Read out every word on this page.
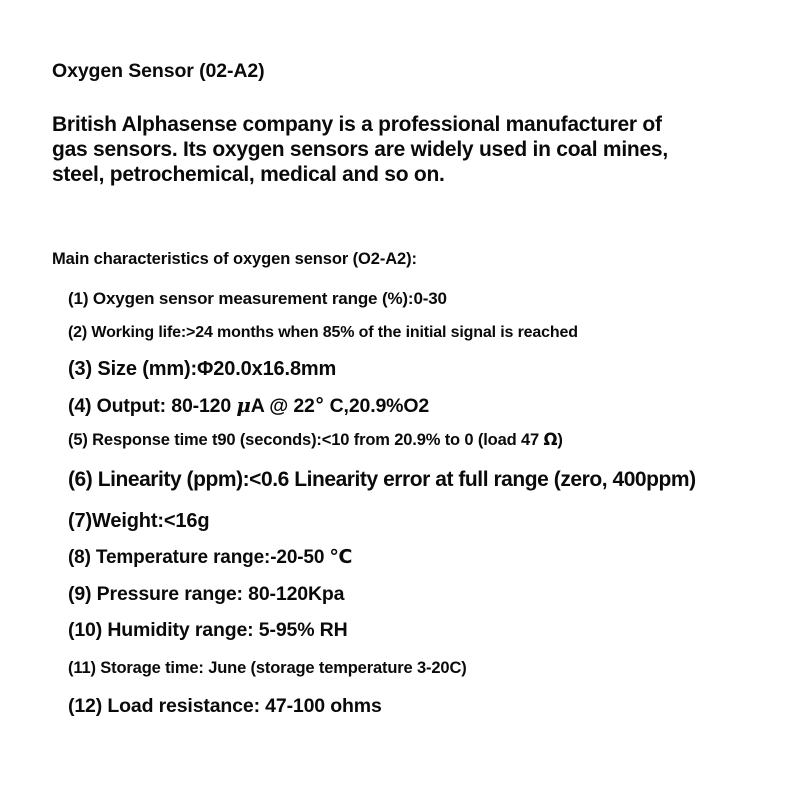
Oxygen Sensor (02-A2)
British Alphasense company is a professional manufacturer of
gas sensors. Its oxygen sensors are widely used in coal mines,
steel, petrochemical, medical and so on.
Main characteristics of oxygen sensor (O2-A2):
(1) Oxygen sensor measurement range (%):0-30
(2) Working life:>24 months when 85% of the initial signal is reached
(3) Size (mm):Φ20.0x16.8mm
(4) Output: 80-120 μA @ 22° C,20.9%O2
(5) Response time t90 (seconds):<10 from 20.9% to 0 (load 47 Ω)
(6) Linearity (ppm):<0.6 Linearity error at full range (zero, 400ppm)
(7)Weight:<16g
(8) Temperature range:-20-50 ℃
(9) Pressure range: 80-120Kpa
(10) Humidity range: 5-95% RH
(11) Storage time: June (storage temperature 3-20C)
(12) Load resistance: 47-100 ohms
